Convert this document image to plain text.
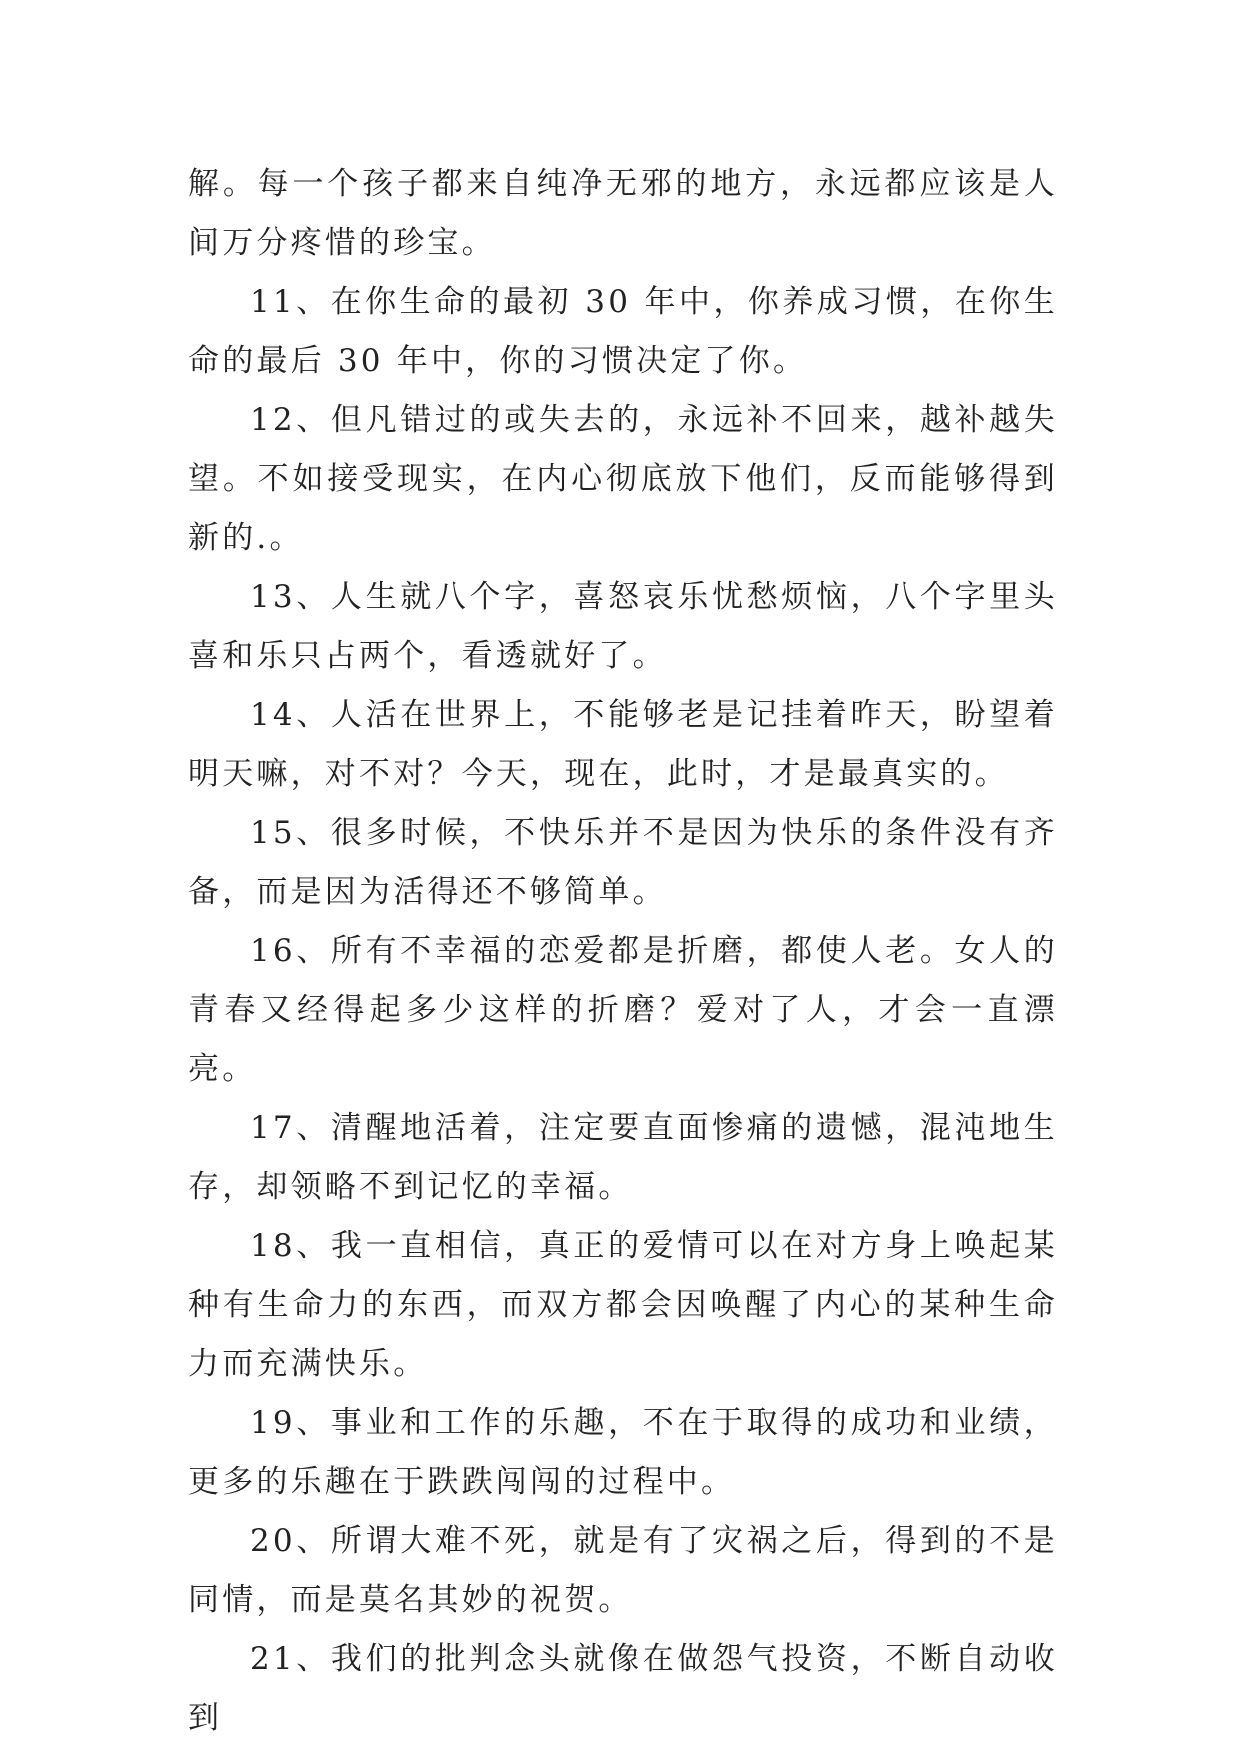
解。每一个孩子都来自纯净无邪的地方，永远都应该是人间万分疼惜的珍宝。

11、在你生命的最初 30 年中，你养成习惯，在你生命的最后 30 年中，你的习惯决定了你。

12、但凡错过的或失去的，永远补不回来，越补越失望。不如接受现实，在内心彻底放下他们，反而能够得到新的.。

13、人生就八个字，喜怒哀乐忧愁烦恼，八个字里头喜和乐只占两个，看透就好了。

14、人活在世界上，不能够老是记挂着昨天，盼望着明天嘛，对不对？今天，现在，此时，才是最真实的。

15、很多时候，不快乐并不是因为快乐的条件没有齐备，而是因为活得还不够简单。

16、所有不幸福的恋爱都是折磨，都使人老。女人的青春又经得起多少这样的折磨？爱对了人，才会一直漂亮。

17、清醒地活着，注定要直面惨痛的遗憾，混沌地生存，却领略不到记忆的幸福。

18、我一直相信，真正的爱情可以在对方身上唤起某种有生命力的东西，而双方都会因唤醒了内心的某种生命力而充满快乐。

19、事业和工作的乐趣，不在于取得的成功和业绩，更多的乐趣在于跌跌闯闯的过程中。

20、所谓大难不死，就是有了灾祸之后，得到的不是同情，而是莫名其妙的祝贺。

21、我们的批判念头就像在做怨气投资，不断自动收到
